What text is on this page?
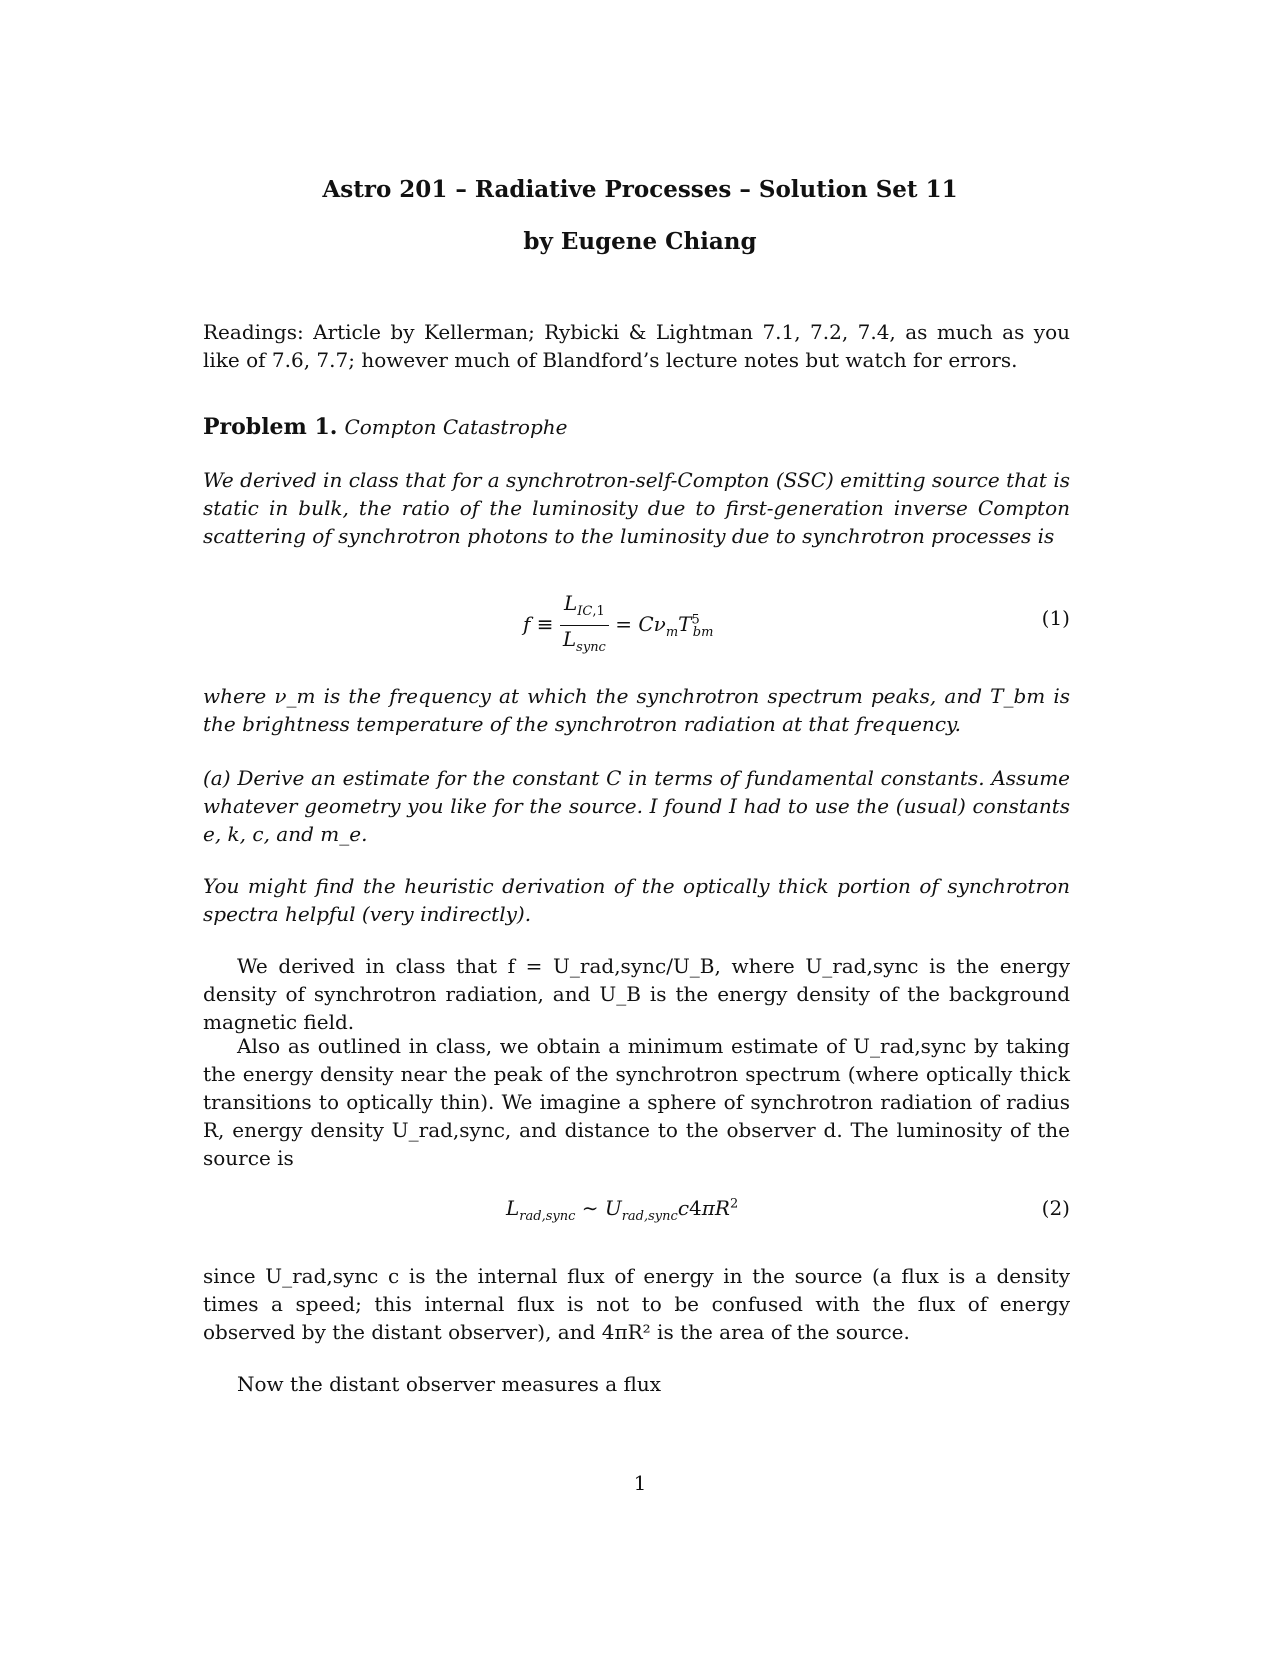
Astro 201 – Radiative Processes – Solution Set 11
by Eugene Chiang
Readings: Article by Kellerman; Rybicki & Lightman 7.1, 7.2, 7.4, as much as you like of 7.6, 7.7; however much of Blandford’s lecture notes but watch for errors.
Problem 1. Compton Catastrophe
We derived in class that for a synchrotron-self-Compton (SSC) emitting source that is static in bulk, the ratio of the luminosity due to first-generation inverse Compton scattering of synchrotron photons to the luminosity due to synchrotron processes is
$f \equiv \frac{L_{IC,1}}{L_{sync}} = C\nu_mT^5_{bm}$
(1)
where ν_m is the frequency at which the synchrotron spectrum peaks, and T_bm is the brightness temperature of the synchrotron radiation at that frequency.
(a) Derive an estimate for the constant C in terms of fundamental constants. Assume whatever geometry you like for the source. I found I had to use the (usual) constants e, k, c, and m_e.
You might find the heuristic derivation of the optically thick portion of synchrotron spectra helpful (very indirectly).
We derived in class that f = U_rad,sync/U_B, where U_rad,sync is the energy density of synchrotron radiation, and U_B is the energy density of the background magnetic field.
Also as outlined in class, we obtain a minimum estimate of U_rad,sync by taking the energy density near the peak of the synchrotron spectrum (where optically thick transitions to optically thin). We imagine a sphere of synchrotron radiation of radius R, energy density U_rad,sync, and distance to the observer d. The luminosity of the source is
$L_{rad,sync}$ ∼ $U_{rad,sync}c4\pi R^2$	(2)
since U_rad,sync c is the internal flux of energy in the source (a flux is a density times a speed; this internal flux is not to be confused with the flux of energy observed by the distant observer), and 4πR² is the area of the source.
Now the distant observer measures a flux
1
